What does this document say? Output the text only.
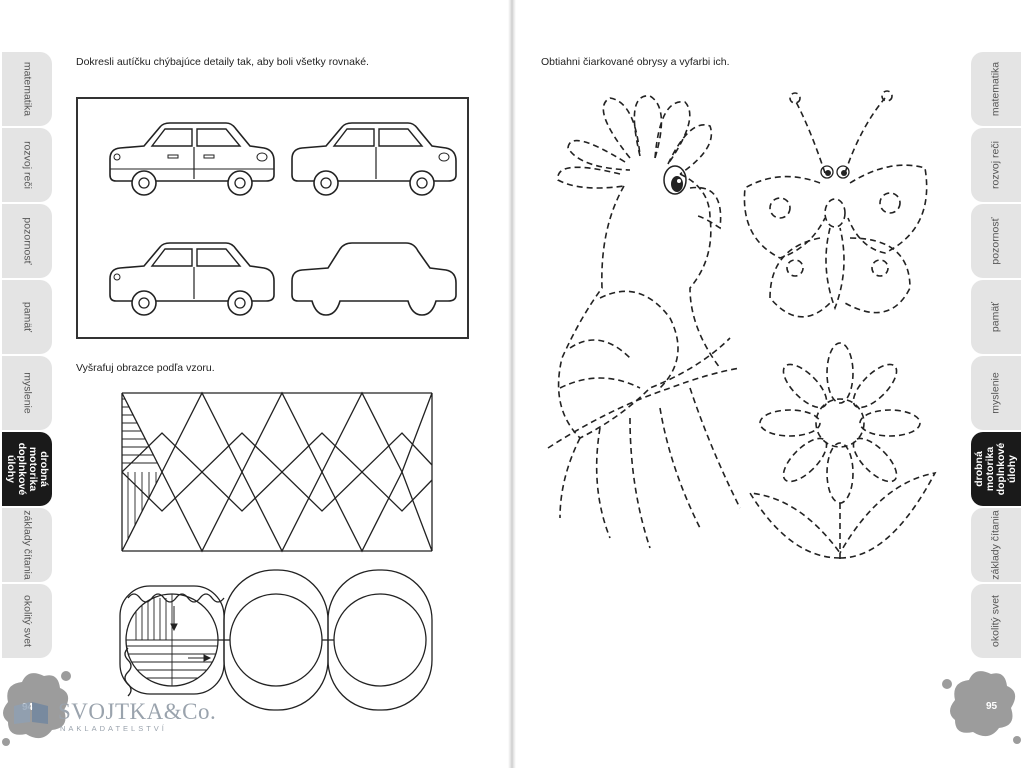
matematika
rozvoj reči
pozornosť
pamäť
myslenie
drobná motorika doplnkové úlohy
základy čítania
okolitý svet
matematika
rozvoj reči
pozornosť
pamäť
myslenie
drobná motorika doplnkové úlohy
základy čítania
okolitý svet
Dokresli autíčku chýbajúce detaily tak, aby boli všetky rovnaké.
Vyšrafuj obrazce podľa vzoru.
SVOJTKA&Co.
NAKLADATELSTVÍ
Obtiahni čiarkované obrysy a vyfarbi ich.
95
